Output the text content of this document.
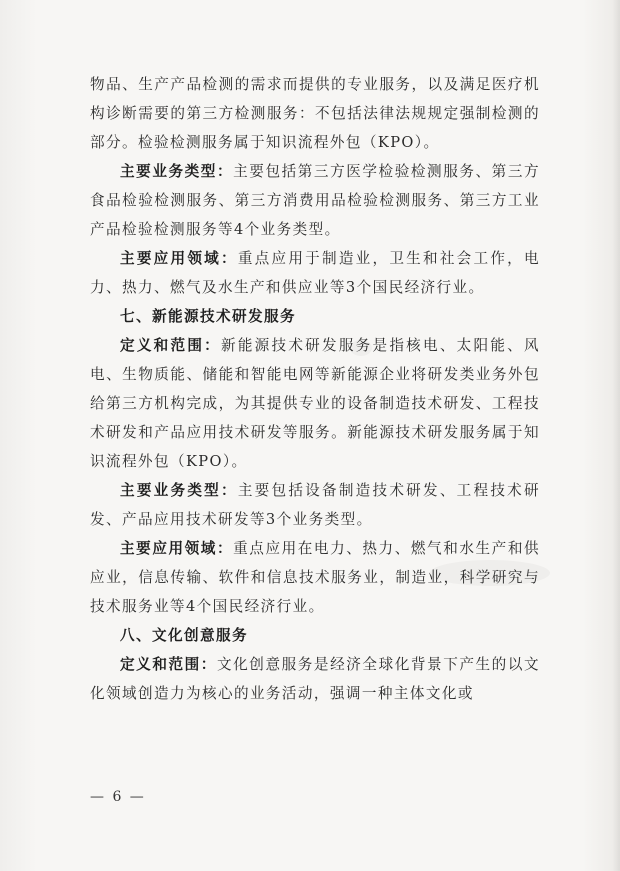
物品、生产产品检测的需求而提供的专业服务，以及满足医疗机构诊断需要的第三方检测服务：不包括法律法规规定强制检测的部分。检验检测服务属于知识流程外包（KPO）。

主要业务类型：主要包括第三方医学检验检测服务、第三方食品检验检测服务、第三方消费用品检验检测服务、第三方工业产品检验检测服务等4个业务类型。

主要应用领域：重点应用于制造业，卫生和社会工作，电力、热力、燃气及水生产和供应业等3个国民经济行业。

七、新能源技术研发服务

定义和范围：新能源技术研发服务是指核电、太阳能、风电、生物质能、储能和智能电网等新能源企业将研发类业务外包给第三方机构完成，为其提供专业的设备制造技术研发、工程技术研发和产品应用技术研发等服务。新能源技术研发服务属于知识流程外包（KPO）。

主要业务类型：主要包括设备制造技术研发、工程技术研发、产品应用技术研发等3个业务类型。

主要应用领域：重点应用在电力、热力、燃气和水生产和供应业，信息传输、软件和信息技术服务业，制造业，科学研究与技术服务业等4个国民经济行业。

八、文化创意服务

定义和范围：文化创意服务是经济全球化背景下产生的以文化领域创造力为核心的业务活动，强调一种主体文化或

— 6 —
